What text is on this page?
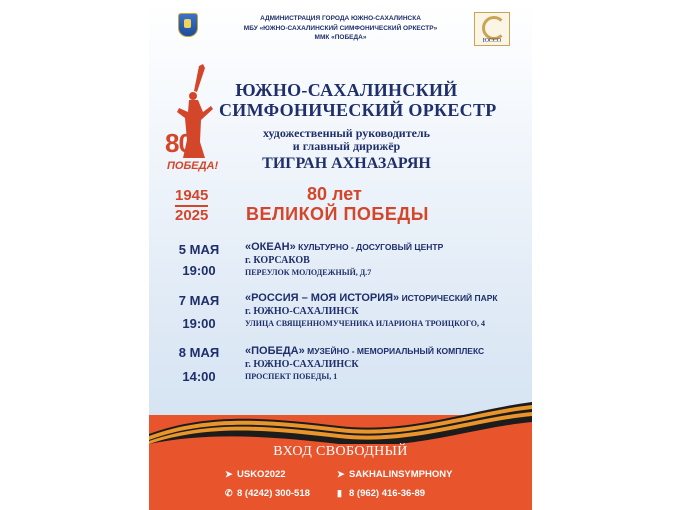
АДМИНИСТРАЦИЯ ГОРОДА ЮЖНО-САХАЛИНСКА
МБУ «ЮЖНО-САХАЛИНСКИЙ СИМФОНИЧЕСКИЙ ОРКЕСТР»
ММК «ПОБЕДА»	ЮССО
80
ПОБЕДА!
ЮЖНО-САХАЛИНСКИЙ
СИМФОНИЧЕСКИЙ ОРКЕСТР
художественный руководитель
и главный дирижёр
ТИГРАН АХНАЗАРЯН
1945
2025
80 лет
ВЕЛИКОЙ ПОБЕДЫ
5 МАЯ
19:00
«ОКЕАН» КУЛЬТУРНО - ДОСУГОВЫЙ ЦЕНТР
г. КОРСАКОВ
ПЕРЕУЛОК МОЛОДЕЖНЫЙ, Д.7
7 МАЯ
19:00
«РОССИЯ – МОЯ ИСТОРИЯ» ИСТОРИЧЕСКИЙ ПАРК
г. ЮЖНО-САХАЛИНСК
УЛИЦА СВЯЩЕННОМУЧЕНИКА ИЛАРИОНА ТРОИЦКОГО, 4
8 МАЯ
14:00
«ПОБЕДА» МУЗЕЙНО - МЕМОРИАЛЬНЫЙ КОМПЛЕКС
г. ЮЖНО-САХАЛИНСК
ПРОСПЕКТ ПОБЕДЫ, 1
ВХОД СВОБОДНЫЙ
➤ USKO2022	➤ SAKHALINSYMPHONY
✆ 8 (4242) 300-518	▮ 8 (962) 416-36-89
